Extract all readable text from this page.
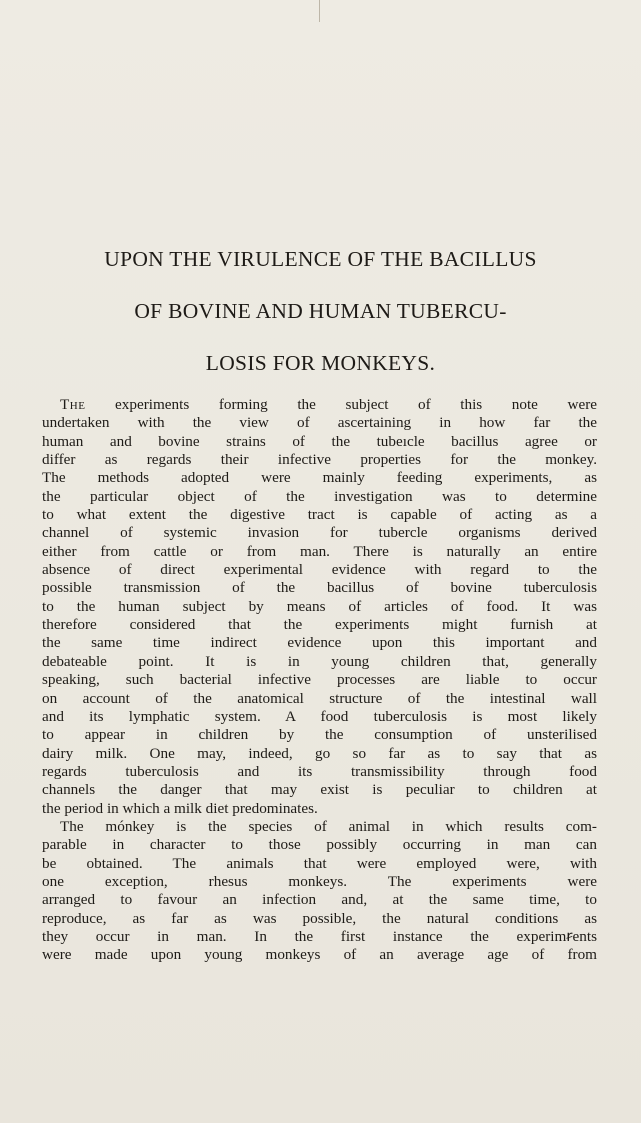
UPON THE VIRULENCE OF THE BACILLUS
OF BOVINE AND HUMAN TUBERCU-
LOSIS FOR MONKEYS.
The experiments forming the subject of this note were
undertaken with the view of ascertaining in how far the
human and bovine strains of the tubeıcle bacillus agree or
differ as regards their infective properties for the monkey.
The methods adopted were mainly feeding experiments, as
the particular object of the investigation was to determine
to what extent the digestive tract is capable of acting as a
channel of systemic invasion for tubercle organisms derived
either from cattle or from man. There is naturally an entire
absence of direct experimental evidence with regard to the
possible transmission of the bacillus of bovine tuberculosis
to the human subject by means of articles of food. It was
therefore considered that the experiments might furnish at
the same time indirect evidence upon this important and
debateable point. It is in young children that, generally
speaking, such bacterial infective processes are liable to occur
on account of the anatomical structure of the intestinal wall
and its lymphatic system. A food tuberculosis is most likely
to appear in children by the consumption of unsterilised
dairy milk. One may, indeed, go so far as to say that as
regards tuberculosis and its transmissibility through food
channels the danger that may exist is peculiar to children at
the period in which a milk diet predominates.
The mónkey is the species of animal in which results com-
parable in character to those possibly occurring in man can
be obtained. The animals that were employed were, with
one exception, rhesus monkeys. The experiments were
arranged to favour an infection and, at the same time, to
reproduce, as far as was possible, the natural conditions as
they occur in man. In the first instance the experimꞧents
were made upon young monkeys of an average age of from
